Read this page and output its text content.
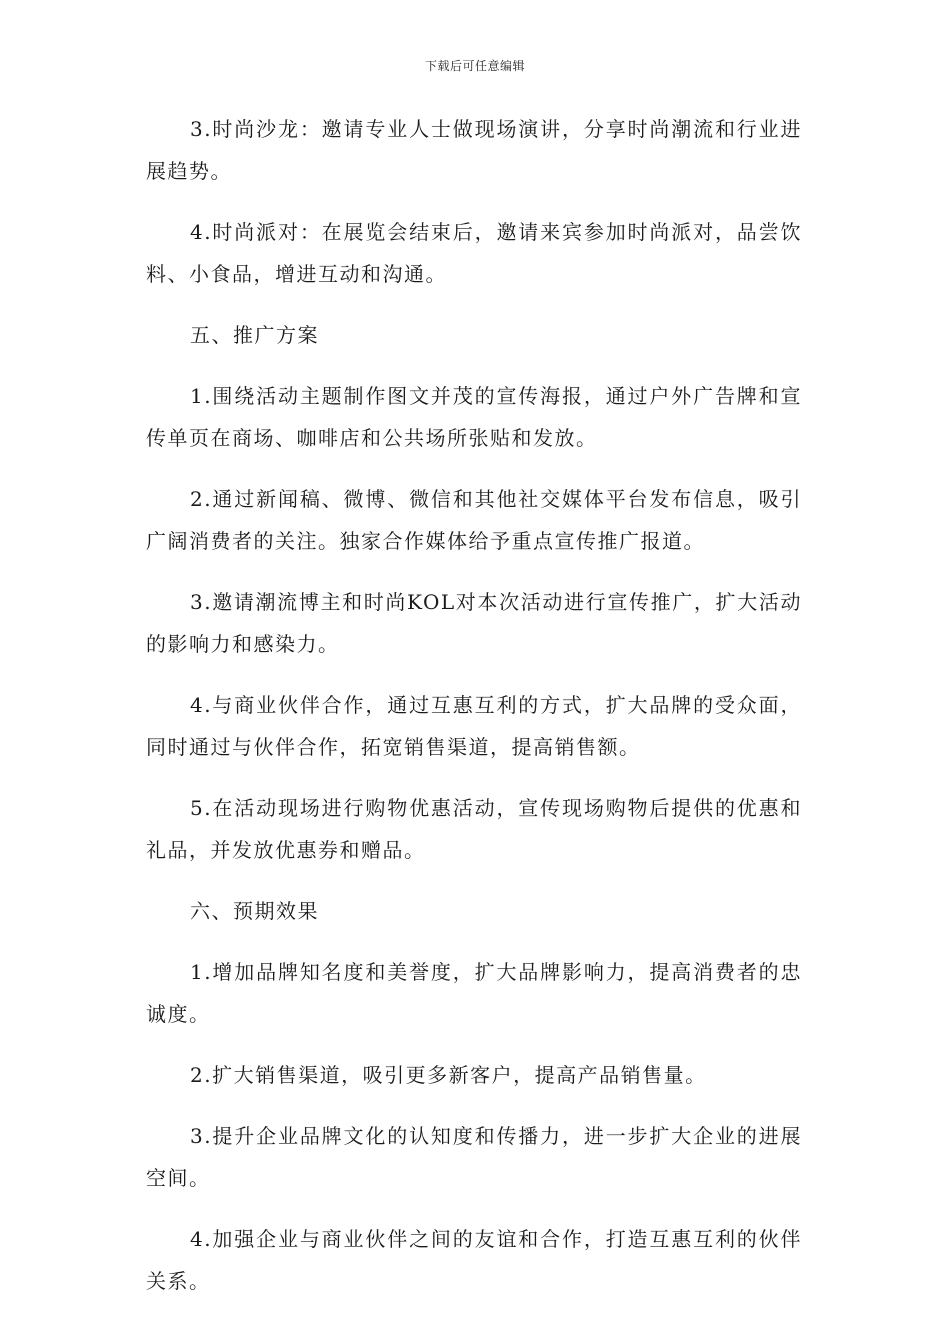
下载后可任意编辑

3.时尚沙龙：邀请专业人士做现场演讲，分享时尚潮流和行业进展趋势。

4.时尚派对：在展览会结束后，邀请来宾参加时尚派对，品尝饮料、小食品，增进互动和沟通。

五、推广方案

1.围绕活动主题制作图文并茂的宣传海报，通过户外广告牌和宣传单页在商场、咖啡店和公共场所张贴和发放。

2.通过新闻稿、微博、微信和其他社交媒体平台发布信息，吸引广阔消费者的关注。独家合作媒体给予重点宣传推广报道。

3.邀请潮流博主和时尚KOL对本次活动进行宣传推广，扩大活动的影响力和感染力。

4.与商业伙伴合作，通过互惠互利的方式，扩大品牌的受众面，同时通过与伙伴合作，拓宽销售渠道，提高销售额。

5.在活动现场进行购物优惠活动，宣传现场购物后提供的优惠和礼品，并发放优惠券和赠品。

六、预期效果

1.增加品牌知名度和美誉度，扩大品牌影响力，提高消费者的忠诚度。

2.扩大销售渠道，吸引更多新客户，提高产品销售量。

3.提升企业品牌文化的认知度和传播力，进一步扩大企业的进展空间。

4.加强企业与商业伙伴之间的友谊和合作，打造互惠互利的伙伴关系。
